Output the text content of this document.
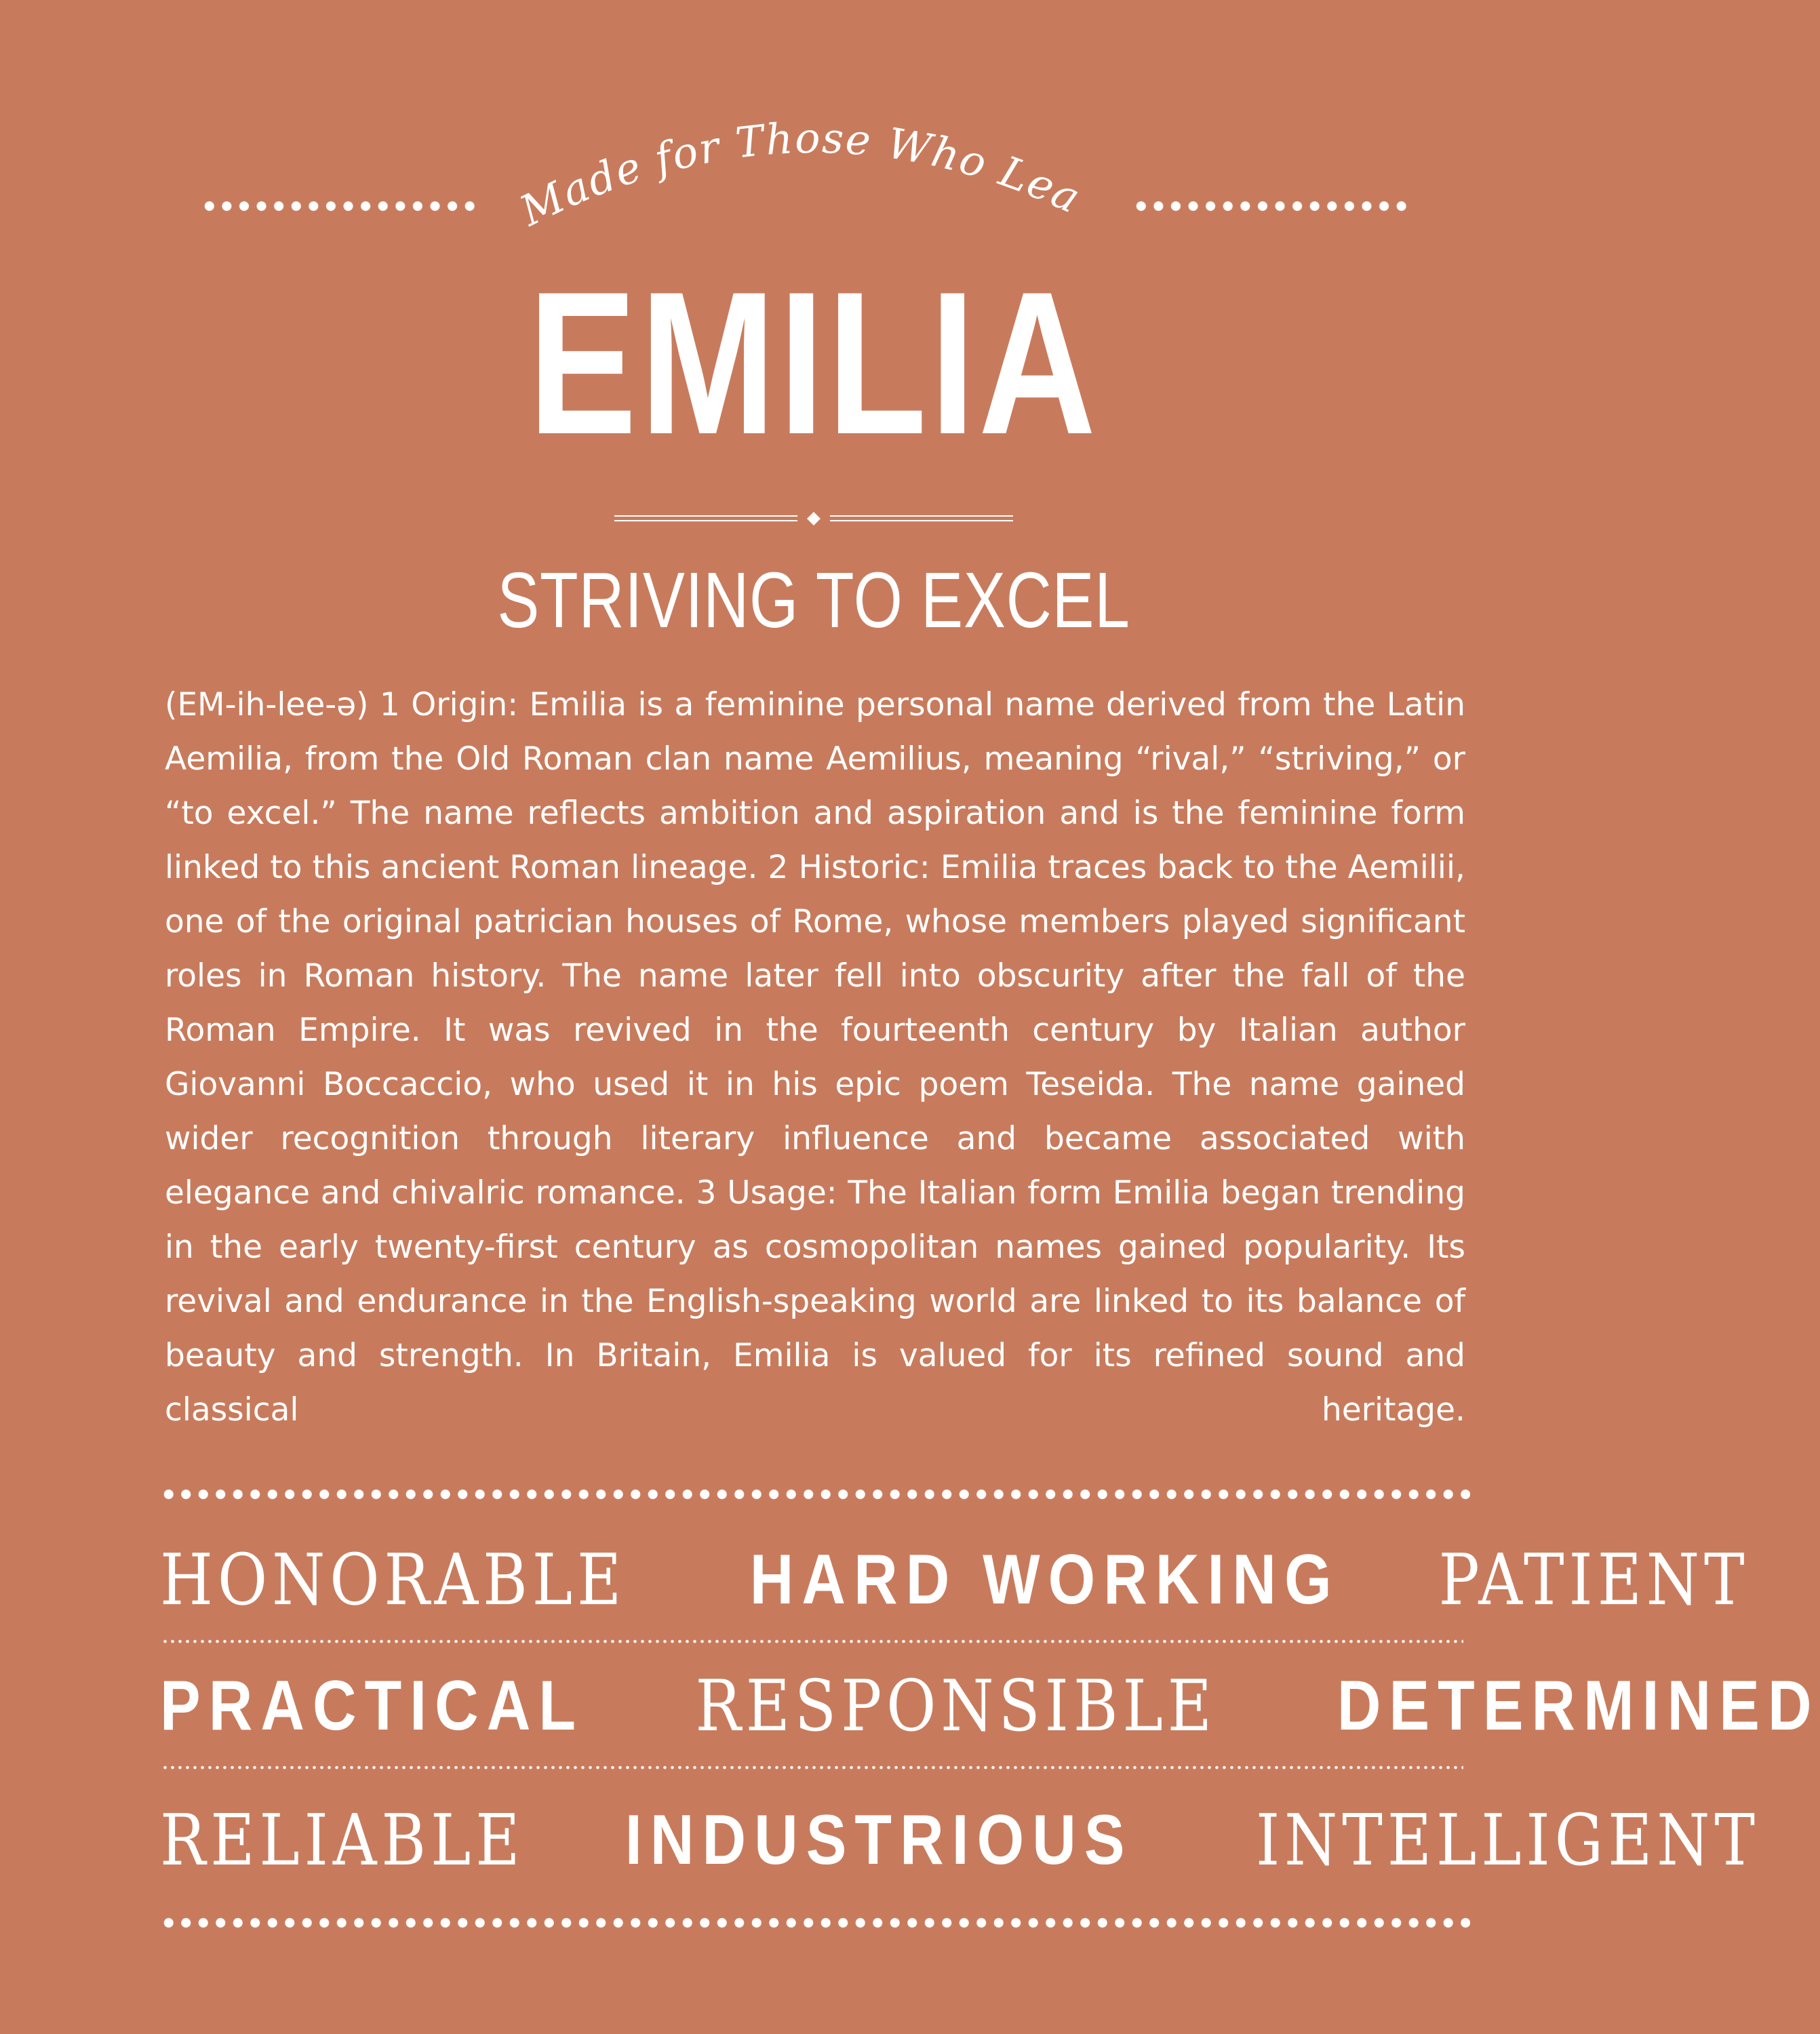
Made for Those Who Lead
EMILIA
STRIVING TO EXCEL
(EM-ih-lee-ə) 1 Origin: Emilia is a feminine personal name derived from the Latin Aemilia, from the Old Roman clan name Aemilius, meaning “rival,” “striving,” or “to excel.” The name reflects ambition and aspiration and is the feminine form linked to this ancient Roman lineage. 2 Historic: Emilia traces back to the Aemilii, one of the original patrician houses of Rome, whose members played significant roles in Roman history. The name later fell into obscurity after the fall of the Roman Empire. It was revived in the fourteenth century by Italian author Giovanni Boccaccio, who used it in his epic poem Teseida. The name gained wider recognition through literary influence and became associated with elegance and chivalric romance. 3 Usage: The Italian form Emilia began trending in the early twenty-first century as cosmopolitan names gained popularity. Its revival and endurance in the English-speaking world are linked to its balance of beauty and strength. In Britain, Emilia is valued for its refined sound and classical heritage.
HONORABLE HARD WORKING PATIENT
PRACTICAL RESPONSIBLE DETERMINED
RELIABLE INDUSTRIOUS INTELLIGENT
